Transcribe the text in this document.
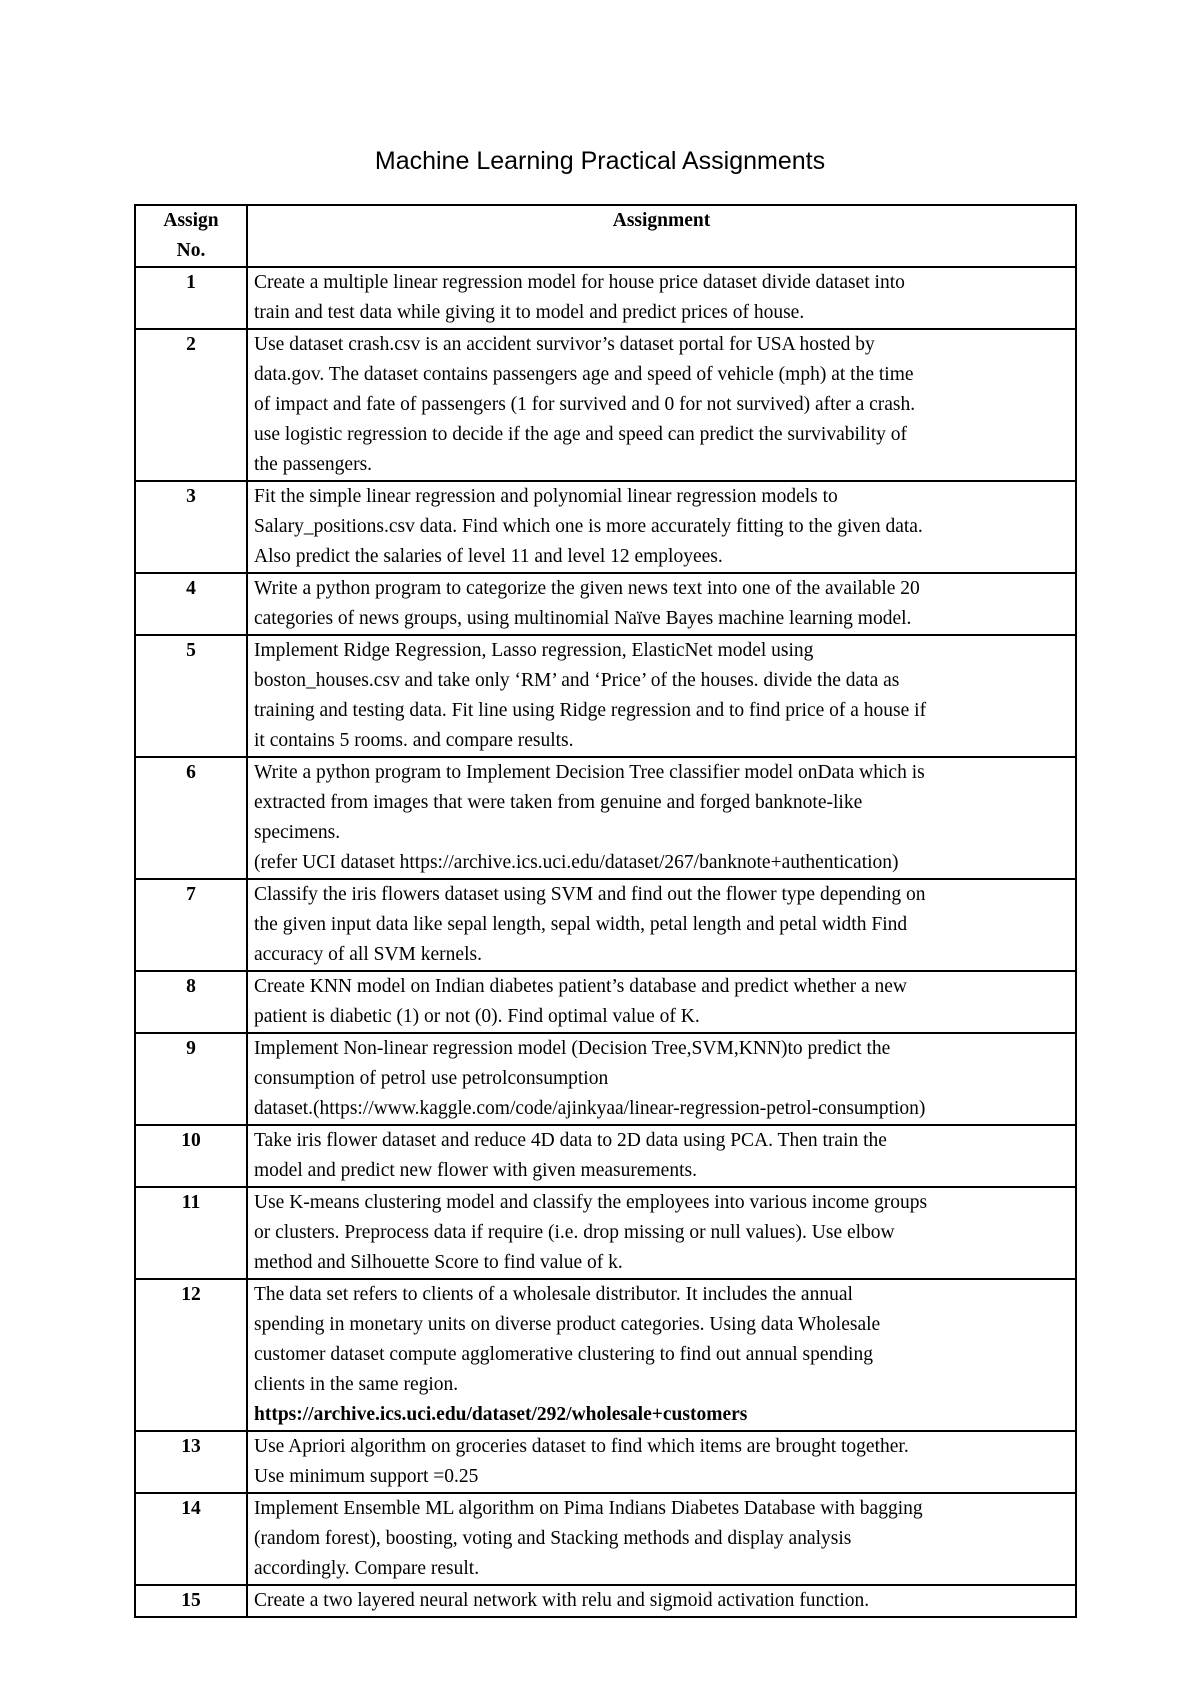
Machine Learning Practical Assignments
Assign
No.	Assignment
1	Create a multiple linear regression model for house price dataset divide dataset into
train and test data while giving it to model and predict prices of house.

2	Use dataset crash.csv is an accident survivor’s dataset portal for USA hosted by
data.gov. The dataset contains passengers age and speed of vehicle (mph) at the time
of impact and fate of passengers (1 for survived and 0 for not survived) after a crash.
use logistic regression to decide if the age and speed can predict the survivability of
the passengers.

3	Fit the simple linear regression and polynomial linear regression models to
Salary_positions.csv data. Find which one is more accurately fitting to the given data.
Also predict the salaries of level 11 and level 12 employees.

4	Write a python program to categorize the given news text into one of the available 20
categories of news groups, using multinomial Naïve Bayes machine learning model.

5	Implement Ridge Regression, Lasso regression, ElasticNet model using
boston_houses.csv and take only ‘RM’ and ‘Price’ of the houses. divide the data as
training and testing data. Fit line using Ridge regression and to find price of a house if
it contains 5 rooms. and compare results.

6	Write a python program to Implement Decision Tree classifier model onData which is
extracted from images that were taken from genuine and forged banknote-like
specimens.
(refer UCI dataset https://archive.ics.uci.edu/dataset/267/banknote+authentication)

7	Classify the iris flowers dataset using SVM and find out the flower type depending on
the given input data like sepal length, sepal width, petal length and petal width Find
accuracy of all SVM kernels.

8	Create KNN model on Indian diabetes patient’s database and predict whether a new
patient is diabetic (1) or not (0). Find optimal value of K.

9	Implement Non-linear regression model (Decision Tree,SVM,KNN)to predict the
consumption of petrol use petrolconsumption
dataset.(https://www.kaggle.com/code/ajinkyaa/linear-regression-petrol-consumption)

10	Take iris flower dataset and reduce 4D data to 2D data using PCA. Then train the
model and predict new flower with given measurements.

11	Use K-means clustering model and classify the employees into various income groups
or clusters. Preprocess data if require (i.e. drop missing or null values). Use elbow
method and Silhouette Score to find value of k.

12	The data set refers to clients of a wholesale distributor. It includes the annual
spending in monetary units on diverse product categories. Using data Wholesale
customer dataset compute agglomerative clustering to find out annual spending
clients in the same region.
https://archive.ics.uci.edu/dataset/292/wholesale+customers

13	Use Apriori algorithm on groceries dataset to find which items are brought together.
Use minimum support =0.25

14	Implement Ensemble ML algorithm on Pima Indians Diabetes Database with bagging
(random forest), boosting, voting and Stacking methods and display analysis
accordingly. Compare result.

15	Create a two layered neural network with relu and sigmoid activation function.
